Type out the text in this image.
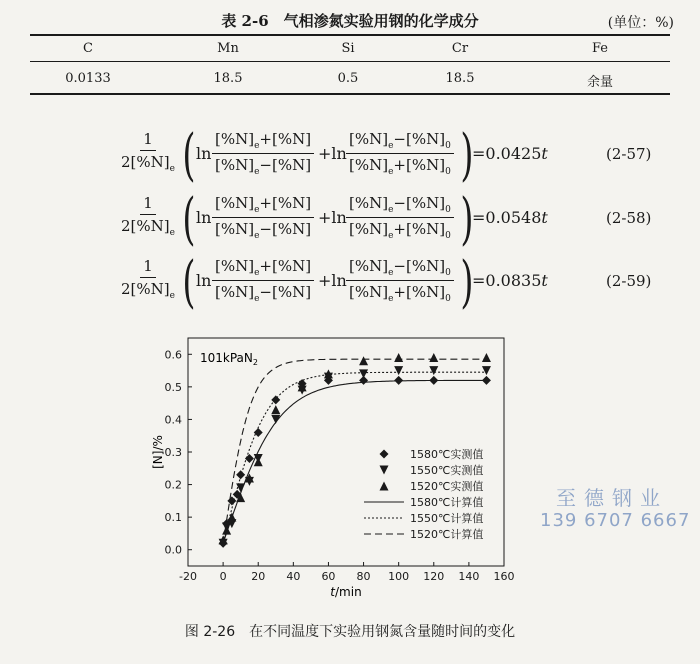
表 2-6　气相渗氮实验用钢的化学成分	(单位：%)
C	Mn	Si	Cr	Fe
0.0133	18.5	0.5	18.5	余量
$\frac{1}{2[\%N]_e}$ ( $\ln \frac{[\%N]_e+[\%N]}{[\%N]_e-[\%N]} +\ln \frac{[\%N]_e-[\%N]_0}{[\%N]_e+[\%N]_0}$ )
=0.0425t	(2-57)
$\frac{1}{2[\%N]_e}$ ( $\ln \frac{[\%N]_e+[\%N]}{[\%N]_e-[\%N]} +\ln \frac{[\%N]_e-[\%N]_0}{[\%N]_e+[\%N]_0}$ )
=0.0548t	(2-58)
$\frac{1}{2[\%N]_e}$ ( $\ln \frac{[\%N]_e+[\%N]}{[\%N]_e-[\%N]} +\ln \frac{[\%N]_e-[\%N]_0}{[\%N]_e+[\%N]_0}$ )
=0.0835t	(2-59)
-20 0 20 40 60 80 100 120 140 160
0.0
0.1
0.2
0.3
0.4
0.5
0.6
t/min
[N]/%
101kPaN$_2$
1580℃实测值
1550℃实测值
1520℃实测值
1580℃计算值
1550℃计算值
1520℃计算值
图 2-26　在不同温度下实验用钢氮含量随时间的变化
至德钢业
139 6707 6667
